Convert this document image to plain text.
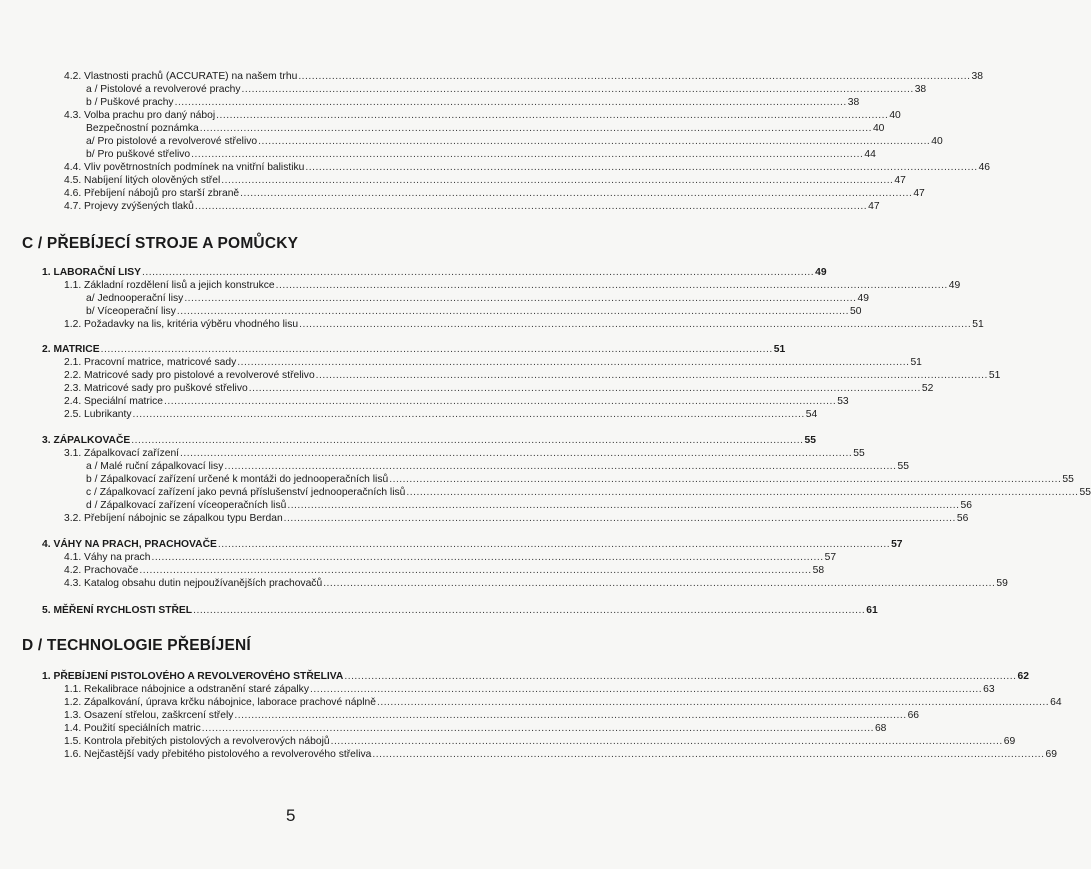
C / PŘEBÍJECÍ STROJE A POMŮCKY
D / TECHNOLOGIE PŘEBÍJENÍ
4.2. Vlastnosti prachů (ACCURATE) na našem trhu ........................................................................................................................................................................................................ 38
a / Pistolové a revolverové prachy ........................................................................................................................................................................................................ 38
b / Puškové prachy ........................................................................................................................................................................................................ 38
4.3. Volba prachu pro daný náboj ........................................................................................................................................................................................................ 40
Bezpečnostní poznámka ........................................................................................................................................................................................................ 40
a/ Pro pistolové a revolverové střelivo ........................................................................................................................................................................................................ 40
b/ Pro puškové střelivo ........................................................................................................................................................................................................ 44
4.4. Vliv povětrnostních podmínek na vnitřní balistiku ........................................................................................................................................................................................................ 46
4.5. Nabíjení litých olověných střel ........................................................................................................................................................................................................ 47
4.6. Přebíjení nábojů pro starší zbraně ........................................................................................................................................................................................................ 47
4.7. Projevy zvýšených tlaků ........................................................................................................................................................................................................ 47
1. LABORAČNÍ LISY ........................................................................................................................................................................................................ 49
1.1. Základní rozdělení lisů a jejich konstrukce ........................................................................................................................................................................................................ 49
a/ Jednooperační lisy ........................................................................................................................................................................................................ 49
b/ Víceoperační lisy ........................................................................................................................................................................................................ 50
1.2. Požadavky na lis, kritéria výběru vhodného lisu ........................................................................................................................................................................................................ 51
2. MATRICE ........................................................................................................................................................................................................ 51
2.1. Pracovní matrice, matricové sady ........................................................................................................................................................................................................ 51
2.2. Matricové sady pro pistolové a revolverové střelivo ........................................................................................................................................................................................................ 51
2.3. Matricové sady pro puškové střelivo ........................................................................................................................................................................................................ 52
2.4. Speciální matrice ........................................................................................................................................................................................................ 53
2.5. Lubrikanty ........................................................................................................................................................................................................ 54
3. ZÁPALKOVAČE ........................................................................................................................................................................................................ 55
3.1. Zápalkovací zařízení ........................................................................................................................................................................................................ 55
a / Malé ruční zápalkovací lisy ........................................................................................................................................................................................................ 55
b / Zápalkovací zařízení určené k montáži do jednooperačních lisů ........................................................................................................................................................................................................ 55
c / Zápalkovací zařízení jako pevná příslušenství jednooperačních lisů ........................................................................................................................................................................................................ 55
d / Zápalkovací zařízení víceoperačních lisů ........................................................................................................................................................................................................ 56
3.2. Přebíjení nábojnic se zápalkou typu Berdan ........................................................................................................................................................................................................ 56
4. VÁHY NA PRACH, PRACHOVAČE ........................................................................................................................................................................................................ 57
4.1. Váhy na prach ........................................................................................................................................................................................................ 57
4.2. Prachovače ........................................................................................................................................................................................................ 58
4.3. Katalog obsahu dutin nejpoužívanějších prachovačů ........................................................................................................................................................................................................ 59
5. MĚŘENÍ RYCHLOSTI STŘEL ........................................................................................................................................................................................................ 61
1. PŘEBÍJENÍ PISTOLOVÉHO A REVOLVEROVÉHO STŘELIVA ........................................................................................................................................................................................................ 62
1.1. Rekalibrace nábojnice a odstranění staré zápalky ........................................................................................................................................................................................................ 63
1.2. Zápalkování, úprava krčku nábojnice, laborace prachové náplně ........................................................................................................................................................................................................ 64
1.3. Osazení střelou, zaškrcení střely ........................................................................................................................................................................................................ 66
1.4. Použití speciálních matric ........................................................................................................................................................................................................ 68
1.5. Kontrola přebitých pistolových a revolverových nábojů ........................................................................................................................................................................................................ 69
1.6. Nejčastější vady přebitého pistolového a revolverového střeliva ........................................................................................................................................................................................................ 69
5
